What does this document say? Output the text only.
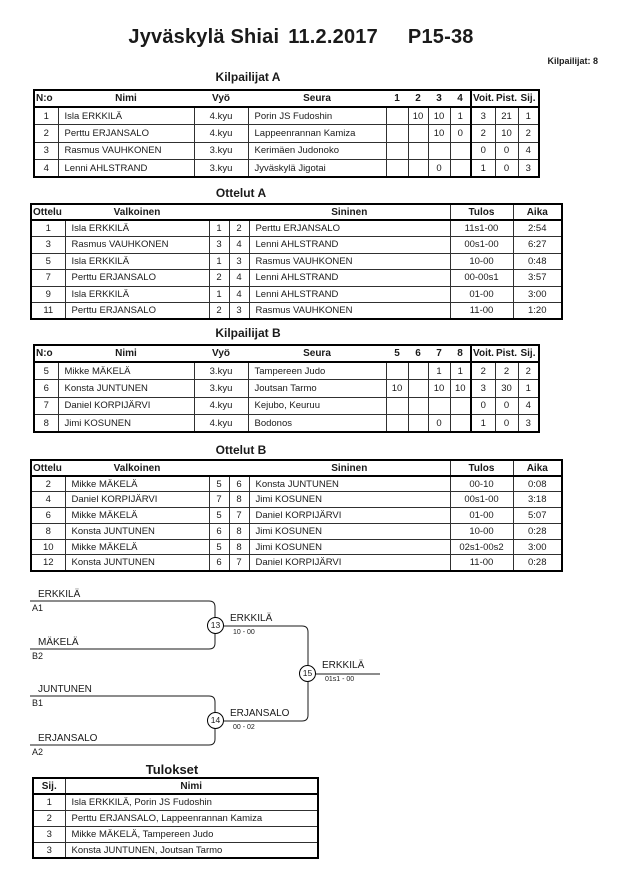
Jyväskylä Shiai 11.2.2017 P15-38
Kilpailijat: 8
Kilpailijat A
N:o	Nimi	Vyö	Seura	1	2	3	4	Voit.	Pist.	Sij.
1	Isla ERKKILÄ	4.kyu	Porin JS Fudoshin		10	10	1	3	21	1
2	Perttu ERJANSALO	4.kyu	Lappeenrannan Kamiza			10	0	2	10	2
3	Rasmus VAUHKONEN	3.kyu	Kerimäen Judonoko					0	0	4
4	Lenni AHLSTRAND	3.kyu	Jyväskylä Jigotai			0		1	0	3
Ottelut A
Ottelu	Valkoinen			Sininen	Tulos	Aika
1	Isla ERKKILÄ	1	2	Perttu ERJANSALO	11s1-00	2:54
3	Rasmus VAUHKONEN	3	4	Lenni AHLSTRAND	00s1-00	6:27
5	Isla ERKKILÄ	1	3	Rasmus VAUHKONEN	10-00	0:48
7	Perttu ERJANSALO	2	4	Lenni AHLSTRAND	00-00s1	3:57
9	Isla ERKKILÄ	1	4	Lenni AHLSTRAND	01-00	3:00
11	Perttu ERJANSALO	2	3	Rasmus VAUHKONEN	11-00	1:20
Kilpailijat B
N:o	Nimi	Vyö	Seura	5	6	7	8	Voit.	Pist.	Sij.
5	Mikke MÄKELÄ	3.kyu	Tampereen Judo			1	1	2	2	2
6	Konsta JUNTUNEN	3.kyu	Joutsan Tarmo	10		10	10	3	30	1
7	Daniel KORPIJÄRVI	4.kyu	Kejubo, Keuruu					0	0	4
8	Jimi KOSUNEN	4.kyu	Bodonos			0		1	0	3
Ottelut B
Ottelu	Valkoinen			Sininen	Tulos	Aika
2	Mikke MÄKELÄ	5	6	Konsta JUNTUNEN	00-10	0:08
4	Daniel KORPIJÄRVI	7	8	Jimi KOSUNEN	00s1-00	3:18
6	Mikke MÄKELÄ	5	7	Daniel KORPIJÄRVI	01-00	5:07
8	Konsta JUNTUNEN	6	8	Jimi KOSUNEN	10-00	0:28
10	Mikke MÄKELÄ	5	8	Jimi KOSUNEN	02s1-00s2	3:00
12	Konsta JUNTUNEN	6	7	Daniel KORPIJÄRVI	11-00	0:28
ERKKILÄ
A1
MÄKELÄ
B2
13
ERKKILÄ
10 - 00
JUNTUNEN
B1
ERJANSALO
A2
14
ERJANSALO
00 - 02
15
ERKKILÄ
01s1 - 00
Tulokset
Sij.	Nimi
1	Isla ERKKILÄ, Porin JS Fudoshin
2	Perttu ERJANSALO, Lappeenrannan Kamiza
3	Mikke MÄKELÄ, Tampereen Judo
3	Konsta JUNTUNEN, Joutsan Tarmo
